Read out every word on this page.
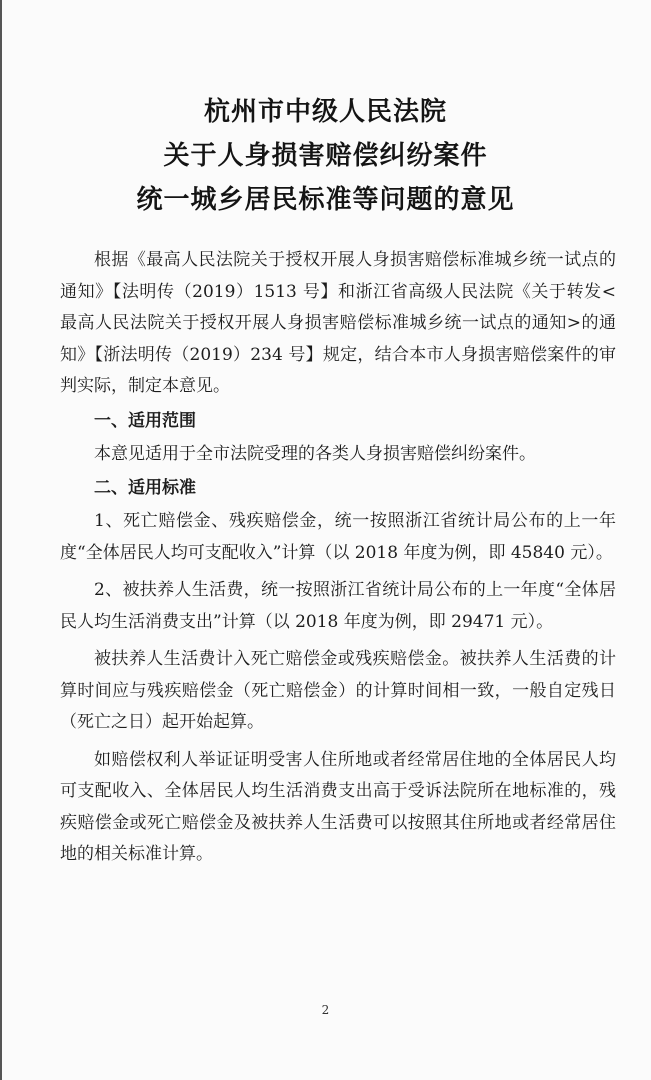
杭州市中级人民法院
关于人身损害赔偿纠纷案件
统一城乡居民标准等问题的意见

根据《最高人民法院关于授权开展人身损害赔偿标准城乡统一试点的通知》【法明传（2019）1513 号】和浙江省高级人民法院《关于转发<最高人民法院关于授权开展人身损害赔偿标准城乡统一试点的通知>的通知》【浙法明传（2019）234 号】规定，结合本市人身损害赔偿案件的审判实际，制定本意见。

一、适用范围

本意见适用于全市法院受理的各类人身损害赔偿纠纷案件。

二、适用标准

1、死亡赔偿金、残疾赔偿金，统一按照浙江省统计局公布的上一年度“全体居民人均可支配收入”计算（以 2018 年度为例，即 45840 元）。

2、被扶养人生活费，统一按照浙江省统计局公布的上一年度“全体居民人均生活消费支出”计算（以 2018 年度为例，即 29471 元）。

被扶养人生活费计入死亡赔偿金或残疾赔偿金。被扶养人生活费的计算时间应与残疾赔偿金（死亡赔偿金）的计算时间相一致，一般自定残日（死亡之日）起开始起算。

如赔偿权利人举证证明受害人住所地或者经常居住地的全体居民人均可支配收入、全体居民人均生活消费支出高于受诉法院所在地标准的，残疾赔偿金或死亡赔偿金及被扶养人生活费可以按照其住所地或者经常居住地的相关标准计算。

2
